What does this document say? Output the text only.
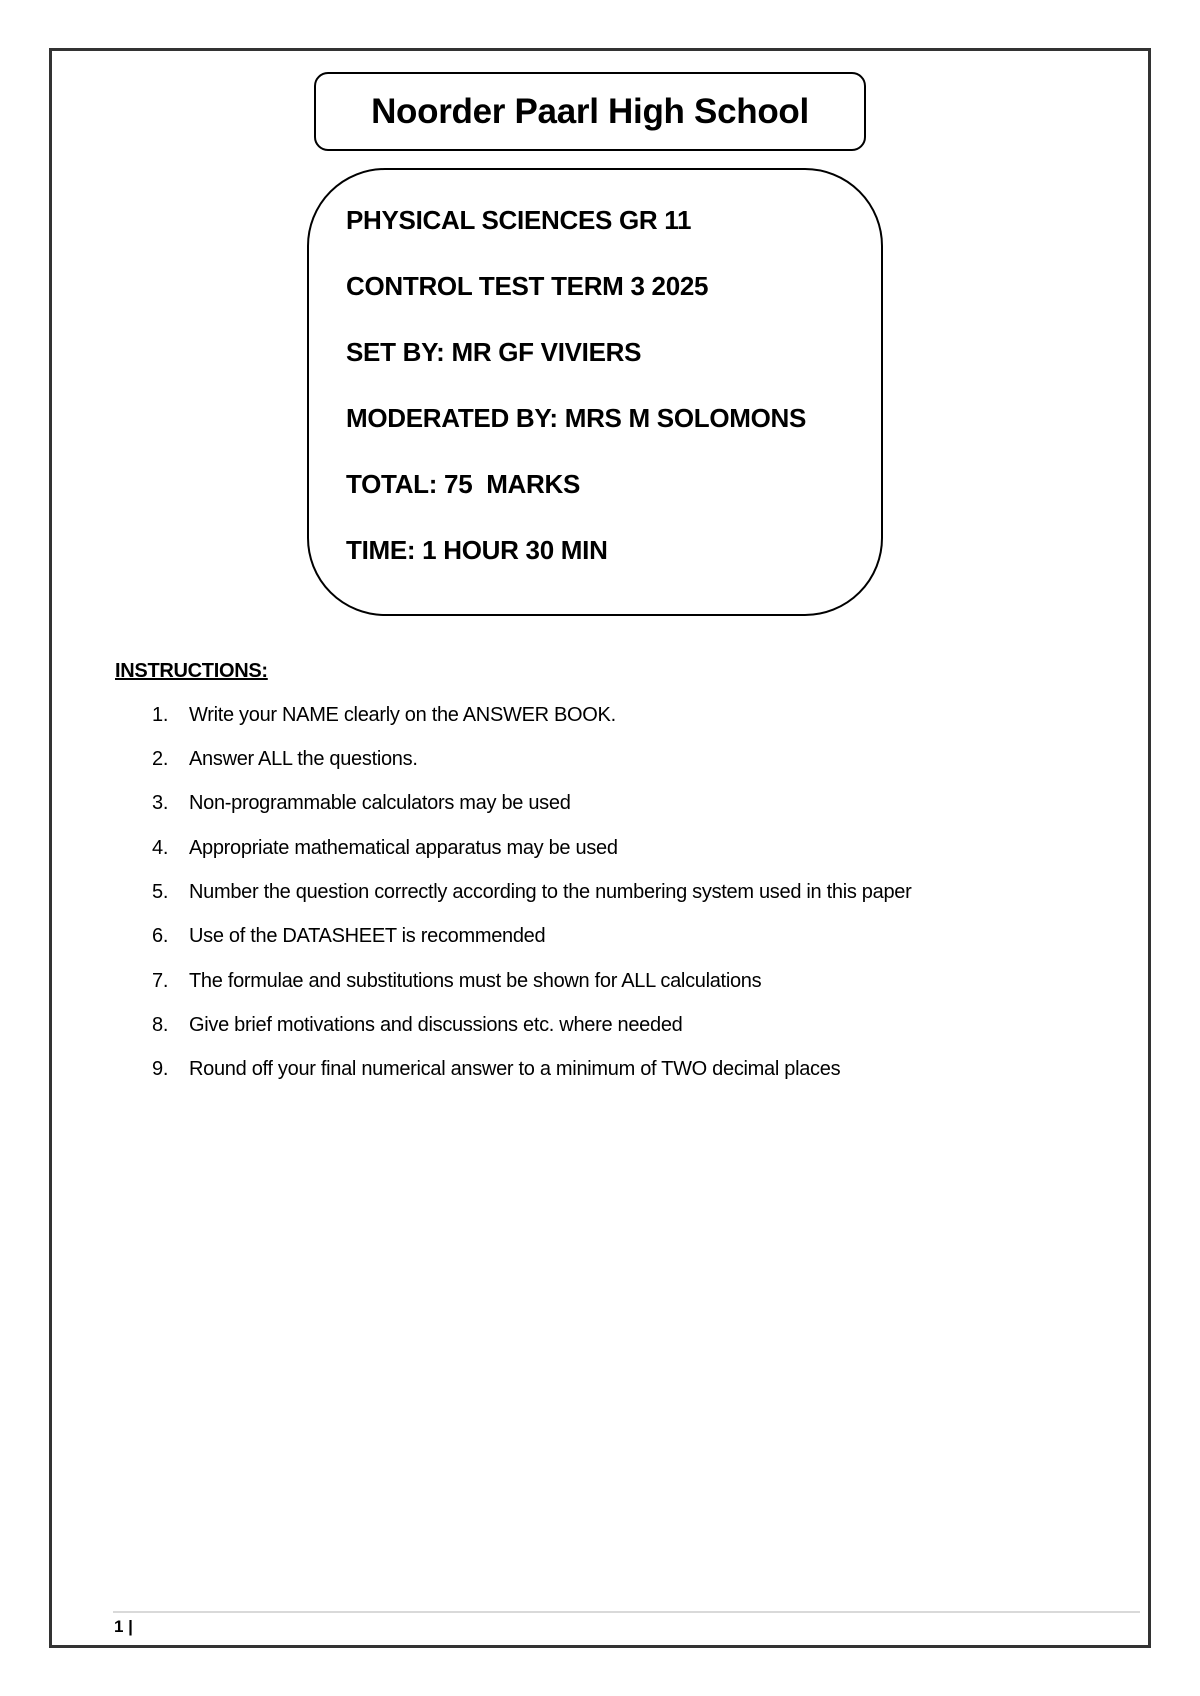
Noorder Paarl High School
PHYSICAL SCIENCES GR 11
CONTROL TEST TERM 3 2025
SET BY: MR GF VIVIERS
MODERATED BY: MRS M SOLOMONS
TOTAL: 75  MARKS
TIME: 1 HOUR 30 MIN
INSTRUCTIONS:
1. Write your NAME clearly on the ANSWER BOOK.
2. Answer ALL the questions.
3. Non-programmable calculators may be used
4. Appropriate mathematical apparatus may be used
5. Number the question correctly according to the numbering system used in this paper
6. Use of the DATASHEET is recommended
7. The formulae and substitutions must be shown for ALL calculations
8. Give brief motivations and discussions etc. where needed
9. Round off your final numerical answer to a minimum of TWO decimal places
1 |
